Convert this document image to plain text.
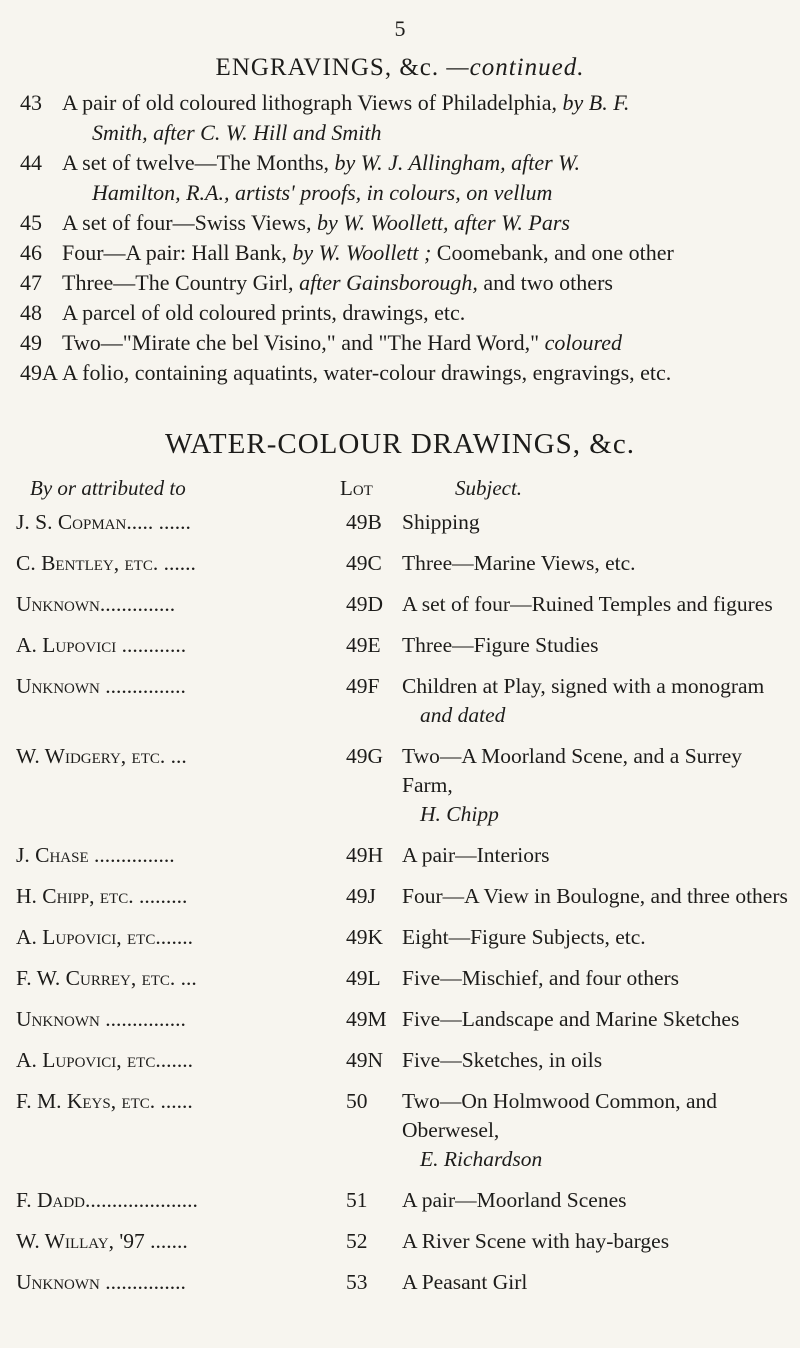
5
ENGRAVINGS, &c. —continued.
43 A pair of old coloured lithograph Views of Philadelphia, by B. F.
Smith, after C. W. Hill and Smith
44 A set of twelve—The Months, by W. J. Allingham, after W.
Hamilton, R.A., artists' proofs, in colours, on vellum
45 A set of four—Swiss Views, by W. Woollett, after W. Pars
46 Four—A pair: Hall Bank, by W. Woollett ; Coomebank, and one other
47 Three—The Country Girl, after Gainsborough, and two others
48 A parcel of old coloured prints, drawings, etc.
49 Two—"Mirate che bel Visino," and "The Hard Word," coloured
49A A folio, containing aquatints, water-colour drawings, engravings, etc.
WATER-COLOUR DRAWINGS, &c.
By or attributed to	Lot	Subject.
J. S. Copman..... ......	49B Shipping
C. Bentley, etc. ......	49C Three—Marine Views, etc.
Unknown..............	49D A set of four—Ruined Temples and figures
A. Lupovici ............	49E Three—Figure Studies
Unknown ...............	49F	Children at Play, signed with a monogram
and dated
W. Widgery, etc. ...	49G Two—A Moorland Scene, and a Surrey Farm,
H. Chipp
J. Chase ...............	49H A pair—Interiors
H. Chipp, etc. .........	49J	Four—A View in Boulogne, and three others
A. Lupovici, etc.......	49K Eight—Figure Subjects, etc.
F. W. Currey, etc. ...	49L Five—Mischief, and four others
Unknown ...............	49M Five—Landscape and Marine Sketches
A. Lupovici, etc.......	49N Five—Sketches, in oils
F. M. Keys, etc. ......	50	Two—On Holmwood Common, and Oberwesel,
E. Richardson
F. Dadd.....................	51	A pair—Moorland Scenes
W. Willay, '97 .......	52	A River Scene with hay-barges
Unknown ...............	53	A Peasant Girl
